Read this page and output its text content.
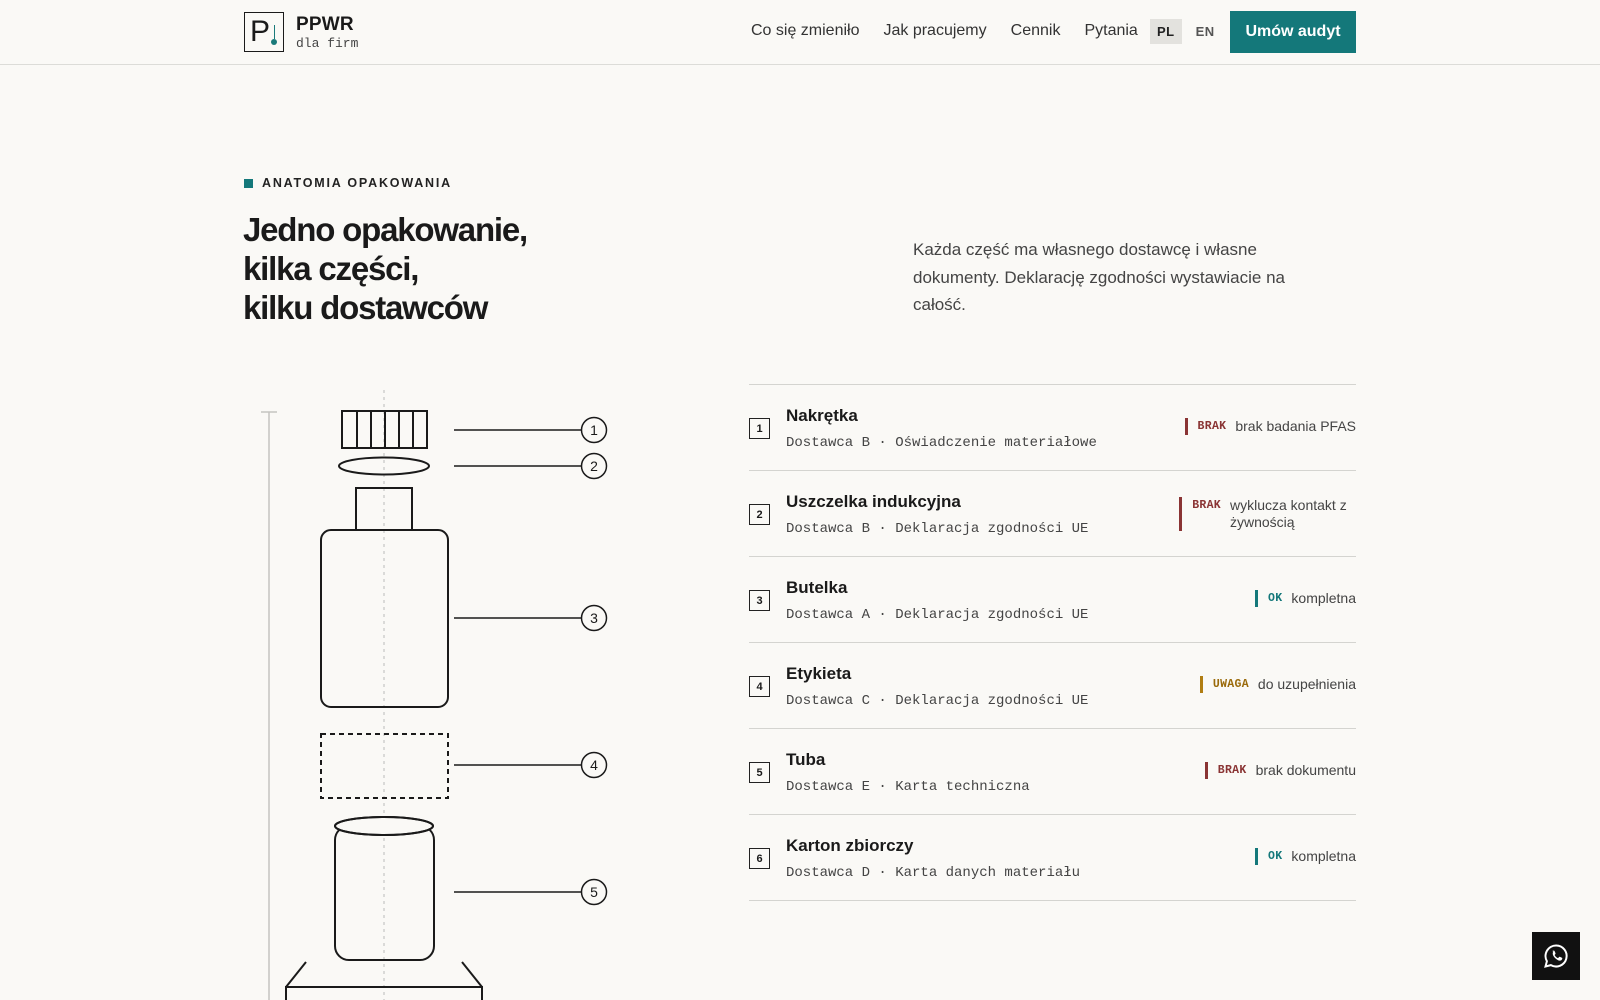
P PPWR
dla firm
Co się zmieniło Jak pracujemy Cennik Pytania	PL	EN	Umów audyt
ANATOMIA OPAKOWANIA
Jedno opakowanie,
kilka części,
kilku dostawców

Każda część ma własnego dostawcę i własne dokumenty. Deklarację zgodności wystawiacie na całość.

1
2
3
4
5
1
Nakrętka
Dostawca B · Oświadczenie materiałowe
BRAK brak badania PFAS
2
Uszczelka indukcyjna
Dostawca B · Deklaracja zgodności UE
BRAK wyklucza kontakt z żywnością
3
Butelka
Dostawca A · Deklaracja zgodności UE
OK kompletna
4
Etykieta
Dostawca C · Deklaracja zgodności UE
UWAGA do uzupełnienia
5
Tuba
Dostawca E · Karta techniczna
BRAK brak dokumentu
6
Karton zbiorczy
Dostawca D · Karta danych materiału
OK kompletna
